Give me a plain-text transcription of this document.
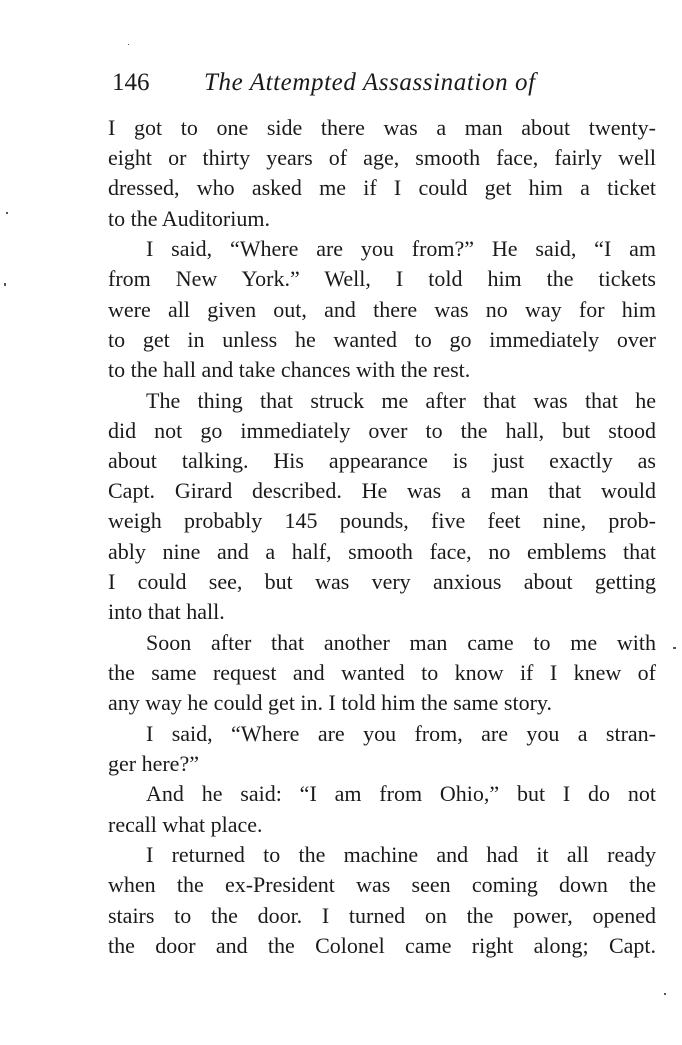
146 The Attempted Assassination of

I got to one side there was a man about twenty-
eight or thirty years of age, smooth face, fairly well
dressed, who asked me if I could get him a ticket
to the Auditorium.

I said, “Where are you from?” He said, “I am
from New York.” Well, I told him the tickets
were all given out, and there was no way for him
to get in unless he wanted to go immediately over
to the hall and take chances with the rest.

The thing that struck me after that was that he
did not go immediately over to the hall, but stood
about talking. His appearance is just exactly as
Capt. Girard described. He was a man that would
weigh probably 145 pounds, five feet nine, prob-
ably nine and a half, smooth face, no emblems that
I could see, but was very anxious about getting
into that hall.

Soon after that another man came to me with
the same request and wanted to know if I knew of
any way he could get in. I told him the same story.

I said, “Where are you from, are you a stran-
ger here?”

And he said: “I am from Ohio,” but I do not
recall what place.

I returned to the machine and had it all ready
when the ex-President was seen coming down the
stairs to the door. I turned on the power, opened
the door and the Colonel came right along; Capt.
